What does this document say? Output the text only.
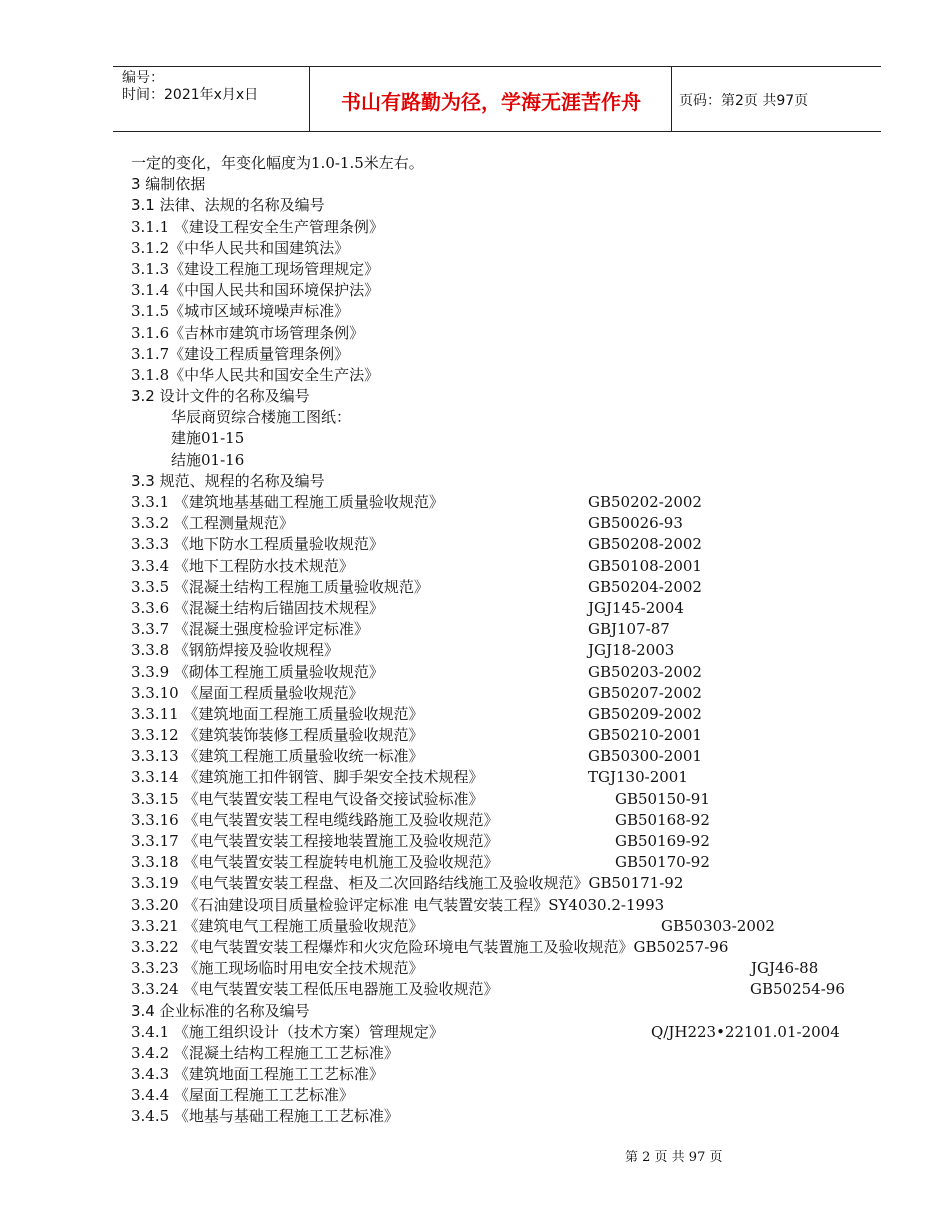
编号：
时间：2021年x月x日	书山有路勤为径，学海无涯苦作舟	页码：第2页 共97页
一定的变化，年变化幅度为1.0-1.5米左右。
3 编制依据
3.1 法律、法规的名称及编号
3.1.1 《建设工程安全生产管理条例》
3.1.2《中华人民共和国建筑法》
3.1.3《建设工程施工现场管理规定》
3.1.4《中国人民共和国环境保护法》
3.1.5《城市区域环境噪声标准》
3.1.6《吉林市建筑市场管理条例》
3.1.7《建设工程质量管理条例》
3.1.8《中华人民共和国安全生产法》
3.2 设计文件的名称及编号
华辰商贸综合楼施工图纸：
建施01-15
结施01-16
3.3 规范、规程的名称及编号
3.3.1 《建筑地基基础工程施工质量验收规范》	GB50202-2002
3.3.2 《工程测量规范》	GB50026-93
3.3.3 《地下防水工程质量验收规范》	GB50208-2002
3.3.4 《地下工程防水技术规范》	GB50108-2001
3.3.5 《混凝土结构工程施工质量验收规范》	GB50204-2002
3.3.6 《混凝土结构后锚固技术规程》	JGJ145-2004
3.3.7 《混凝土强度检验评定标准》	GBJ107-87
3.3.8 《钢筋焊接及验收规程》	JGJ18-2003
3.3.9 《砌体工程施工质量验收规范》	GB50203-2002
3.3.10 《屋面工程质量验收规范》	GB50207-2002
3.3.11 《建筑地面工程施工质量验收规范》	GB50209-2002
3.3.12 《建筑装饰装修工程质量验收规范》	GB50210-2001
3.3.13 《建筑工程施工质量验收统一标准》	GB50300-2001
3.3.14 《建筑施工扣件钢管、脚手架安全技术规程》	TGJ130-2001
3.3.15 《电气装置安装工程电气设备交接试验标准》	GB50150-91
3.3.16 《电气装置安装工程电缆线路施工及验收规范》	GB50168-92
3.3.17 《电气装置安装工程接地装置施工及验收规范》	GB50169-92
3.3.18 《电气装置安装工程旋转电机施工及验收规范》	GB50170-92
3.3.19 《电气装置安装工程盘、柜及二次回路结线施工及验收规范》GB50171-92
3.3.20 《石油建设项目质量检验评定标准 电气装置安装工程》SY4030.2-1993
3.3.21 《建筑电气工程施工质量验收规范》	GB50303-2002
3.3.22 《电气装置安装工程爆炸和火灾危险环境电气装置施工及验收规范》GB50257-96
3.3.23 《施工现场临时用电安全技术规范》	JGJ46-88
3.3.24 《电气装置安装工程低压电器施工及验收规范》	GB50254-96
3.4 企业标准的名称及编号
3.4.1 《施工组织设计（技术方案）管理规定》	Q/JH223•22101.01-2004
3.4.2 《混凝土结构工程施工工艺标准》
3.4.3 《建筑地面工程施工工艺标准》
3.4.4 《屋面工程施工工艺标准》
3.4.5 《地基与基础工程施工工艺标准》
第 2 页 共 97 页
